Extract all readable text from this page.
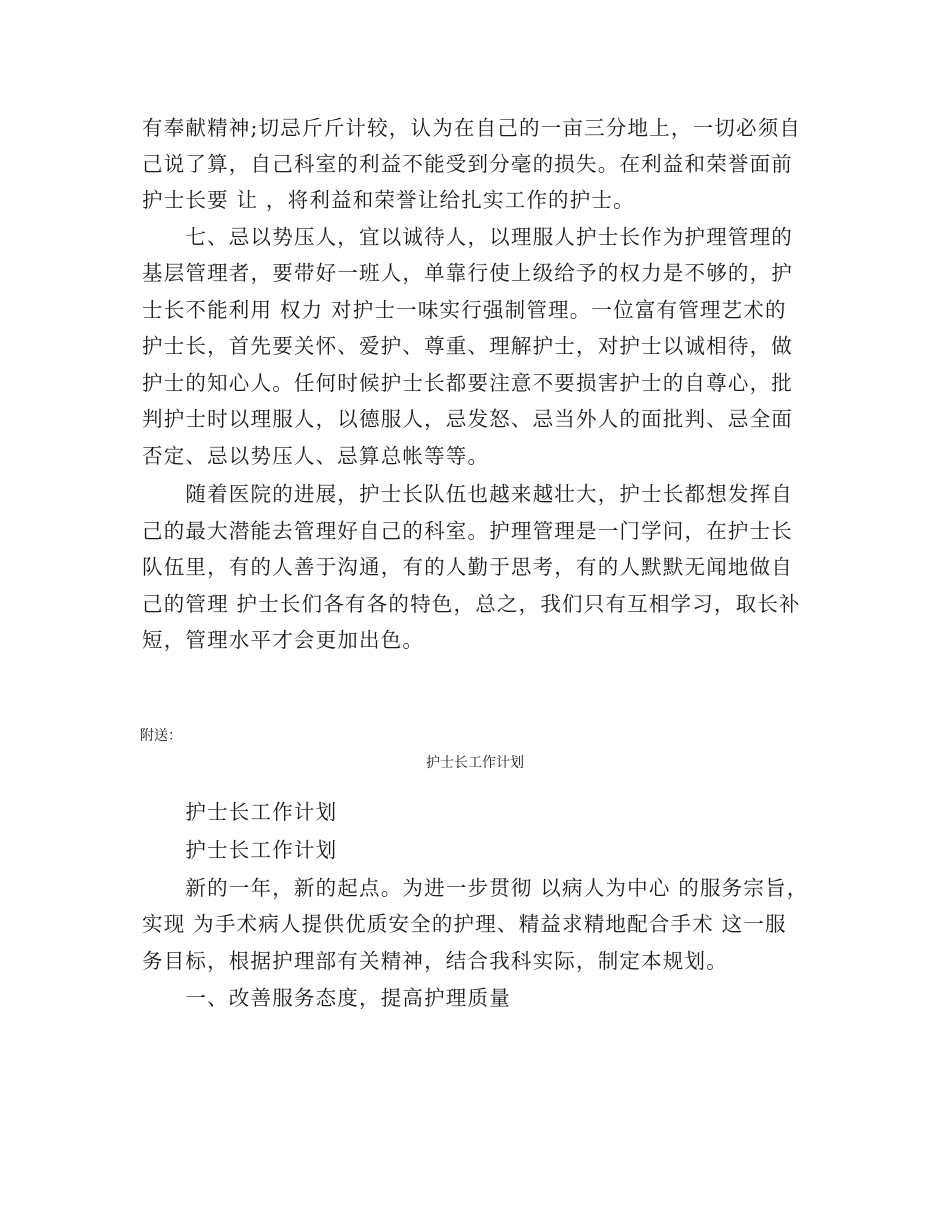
有奉献精神;切忌斤斤计较，认为在自己的一亩三分地上，一切必须自
己说了算，自己科室的利益不能受到分毫的损失。在利益和荣誉面前
护士长要 让 ，将利益和荣誉让给扎实工作的护士。
　　七、忌以势压人，宜以诚待人，以理服人护士长作为护理管理的
基层管理者，要带好一班人，单靠行使上级给予的权力是不够的，护
士长不能利用 权力 对护士一味实行强制管理。一位富有管理艺术的
护士长，首先要关怀、爱护、尊重、理解护士，对护士以诚相待，做
护士的知心人。任何时候护士长都要注意不要损害护士的自尊心，批
判护士时以理服人，以德服人，忌发怒、忌当外人的面批判、忌全面
否定、忌以势压人、忌算总帐等等。
　　随着医院的进展，护士长队伍也越来越壮大，护士长都想发挥自
己的最大潜能去管理好自己的科室。护理管理是一门学问，在护士长
队伍里，有的人善于沟通，有的人勤于思考，有的人默默无闻地做自
己的管理 护士长们各有各的特色，总之，我们只有互相学习，取长补
短，管理水平才会更加出色。
附送：
护士长工作计划
　　护士长工作计划
　　护士长工作计划
　　新的一年，新的起点。为进一步贯彻 以病人为中心 的服务宗旨，
实现 为手术病人提供优质安全的护理、精益求精地配合手术 这一服
务目标，根据护理部有关精神，结合我科实际，制定本规划。
　　一、改善服务态度，提高护理质量
